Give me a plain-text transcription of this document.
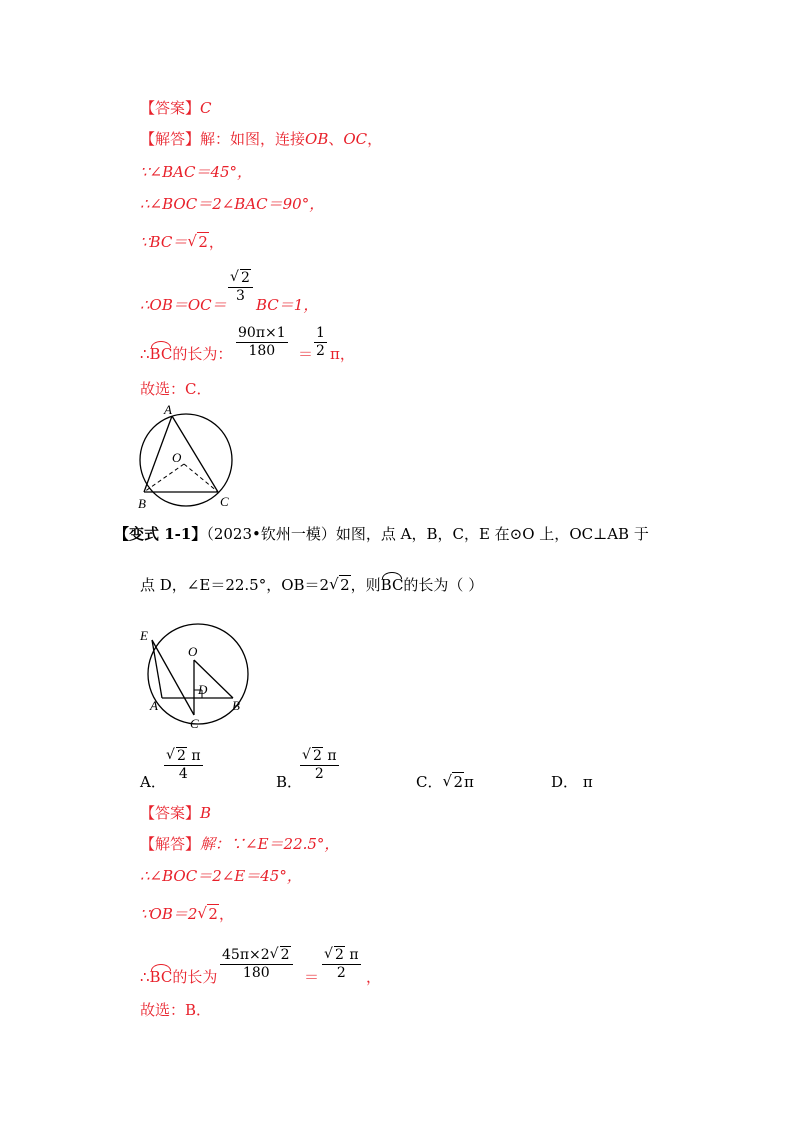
【答案】C
【解答】解：如图，连接OB、OC，
∵∠BAC＝45°，
∴∠BOC＝2∠BAC＝90°，
∵BC＝ √ 2，
∴OB＝OC＝ √ $\frac{2}{3} BC=1$，
∴BC的长为： $\frac{90\pi\times 1}{180} = \frac{1}{2}$ π，
故选：C．
A
O
B	C
【变式 1-1】（2023•钦州一模）如图，点 A，B，C，E 在⊙O 上，OC⊥AB 于
点 D，∠E＝22.5°，OB＝2 √ 2，则BC的长为（ ）
E
O
D
A
C
B
A．
√ $\frac{2 \pi}{4}$	B．
√ $\frac{2 \pi}{2}$	C． √ 2π	D． π
【答案】B
【解答】解：∵∠E＝22.5°，
∴∠BOC＝2∠E＝45°，
∵OB＝2 √ 2，
∴BC的长为 $\frac{45\pi\times 2 √ 2}{180}$ ＝ √ $\frac{2 \pi}{2}$ ，
故选：B．
